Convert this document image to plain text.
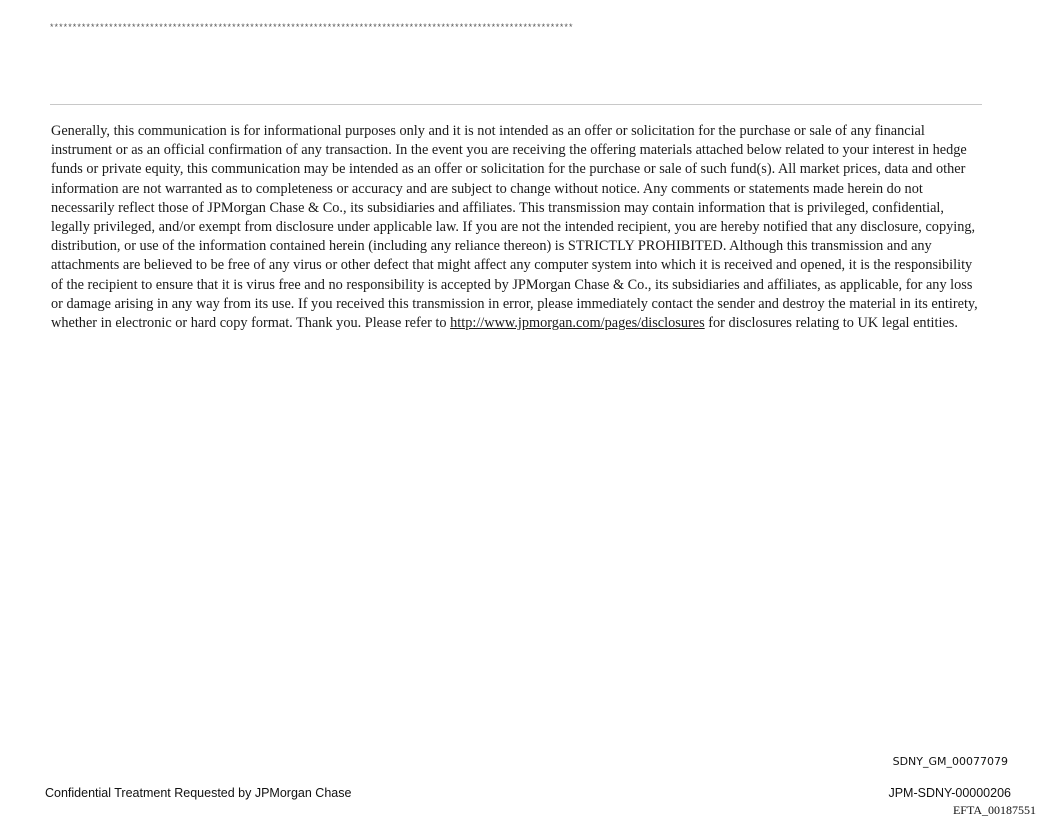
*******************************************************************************************************************
Generally, this communication is for informational purposes only and it is not intended as an offer or solicitation for the purchase or sale of any financial instrument or as an official confirmation of any transaction. In the event you are receiving the offering materials attached below related to your interest in hedge funds or private equity, this communication may be intended as an offer or solicitation for the purchase or sale of such fund(s). All market prices, data and other information are not warranted as to completeness or accuracy and are subject to change without notice. Any comments or statements made herein do not necessarily reflect those of JPMorgan Chase & Co., its subsidiaries and affiliates. This transmission may contain information that is privileged, confidential, legally privileged, and/or exempt from disclosure under applicable law. If you are not the intended recipient, you are hereby notified that any disclosure, copying, distribution, or use of the information contained herein (including any reliance thereon) is STRICTLY PROHIBITED. Although this transmission and any attachments are believed to be free of any virus or other defect that might affect any computer system into which it is received and opened, it is the responsibility of the recipient to ensure that it is virus free and no responsibility is accepted by JPMorgan Chase & Co., its subsidiaries and affiliates, as applicable, for any loss or damage arising in any way from its use. If you received this transmission in error, please immediately contact the sender and destroy the material in its entirety, whether in electronic or hard copy format. Thank you. Please refer to http://www.jpmorgan.com/pages/disclosures for disclosures relating to UK legal entities.
SDNY_GM_00077079
Confidential Treatment Requested by JPMorgan Chase	JPM-SDNY-00000206
EFTA_00187551
